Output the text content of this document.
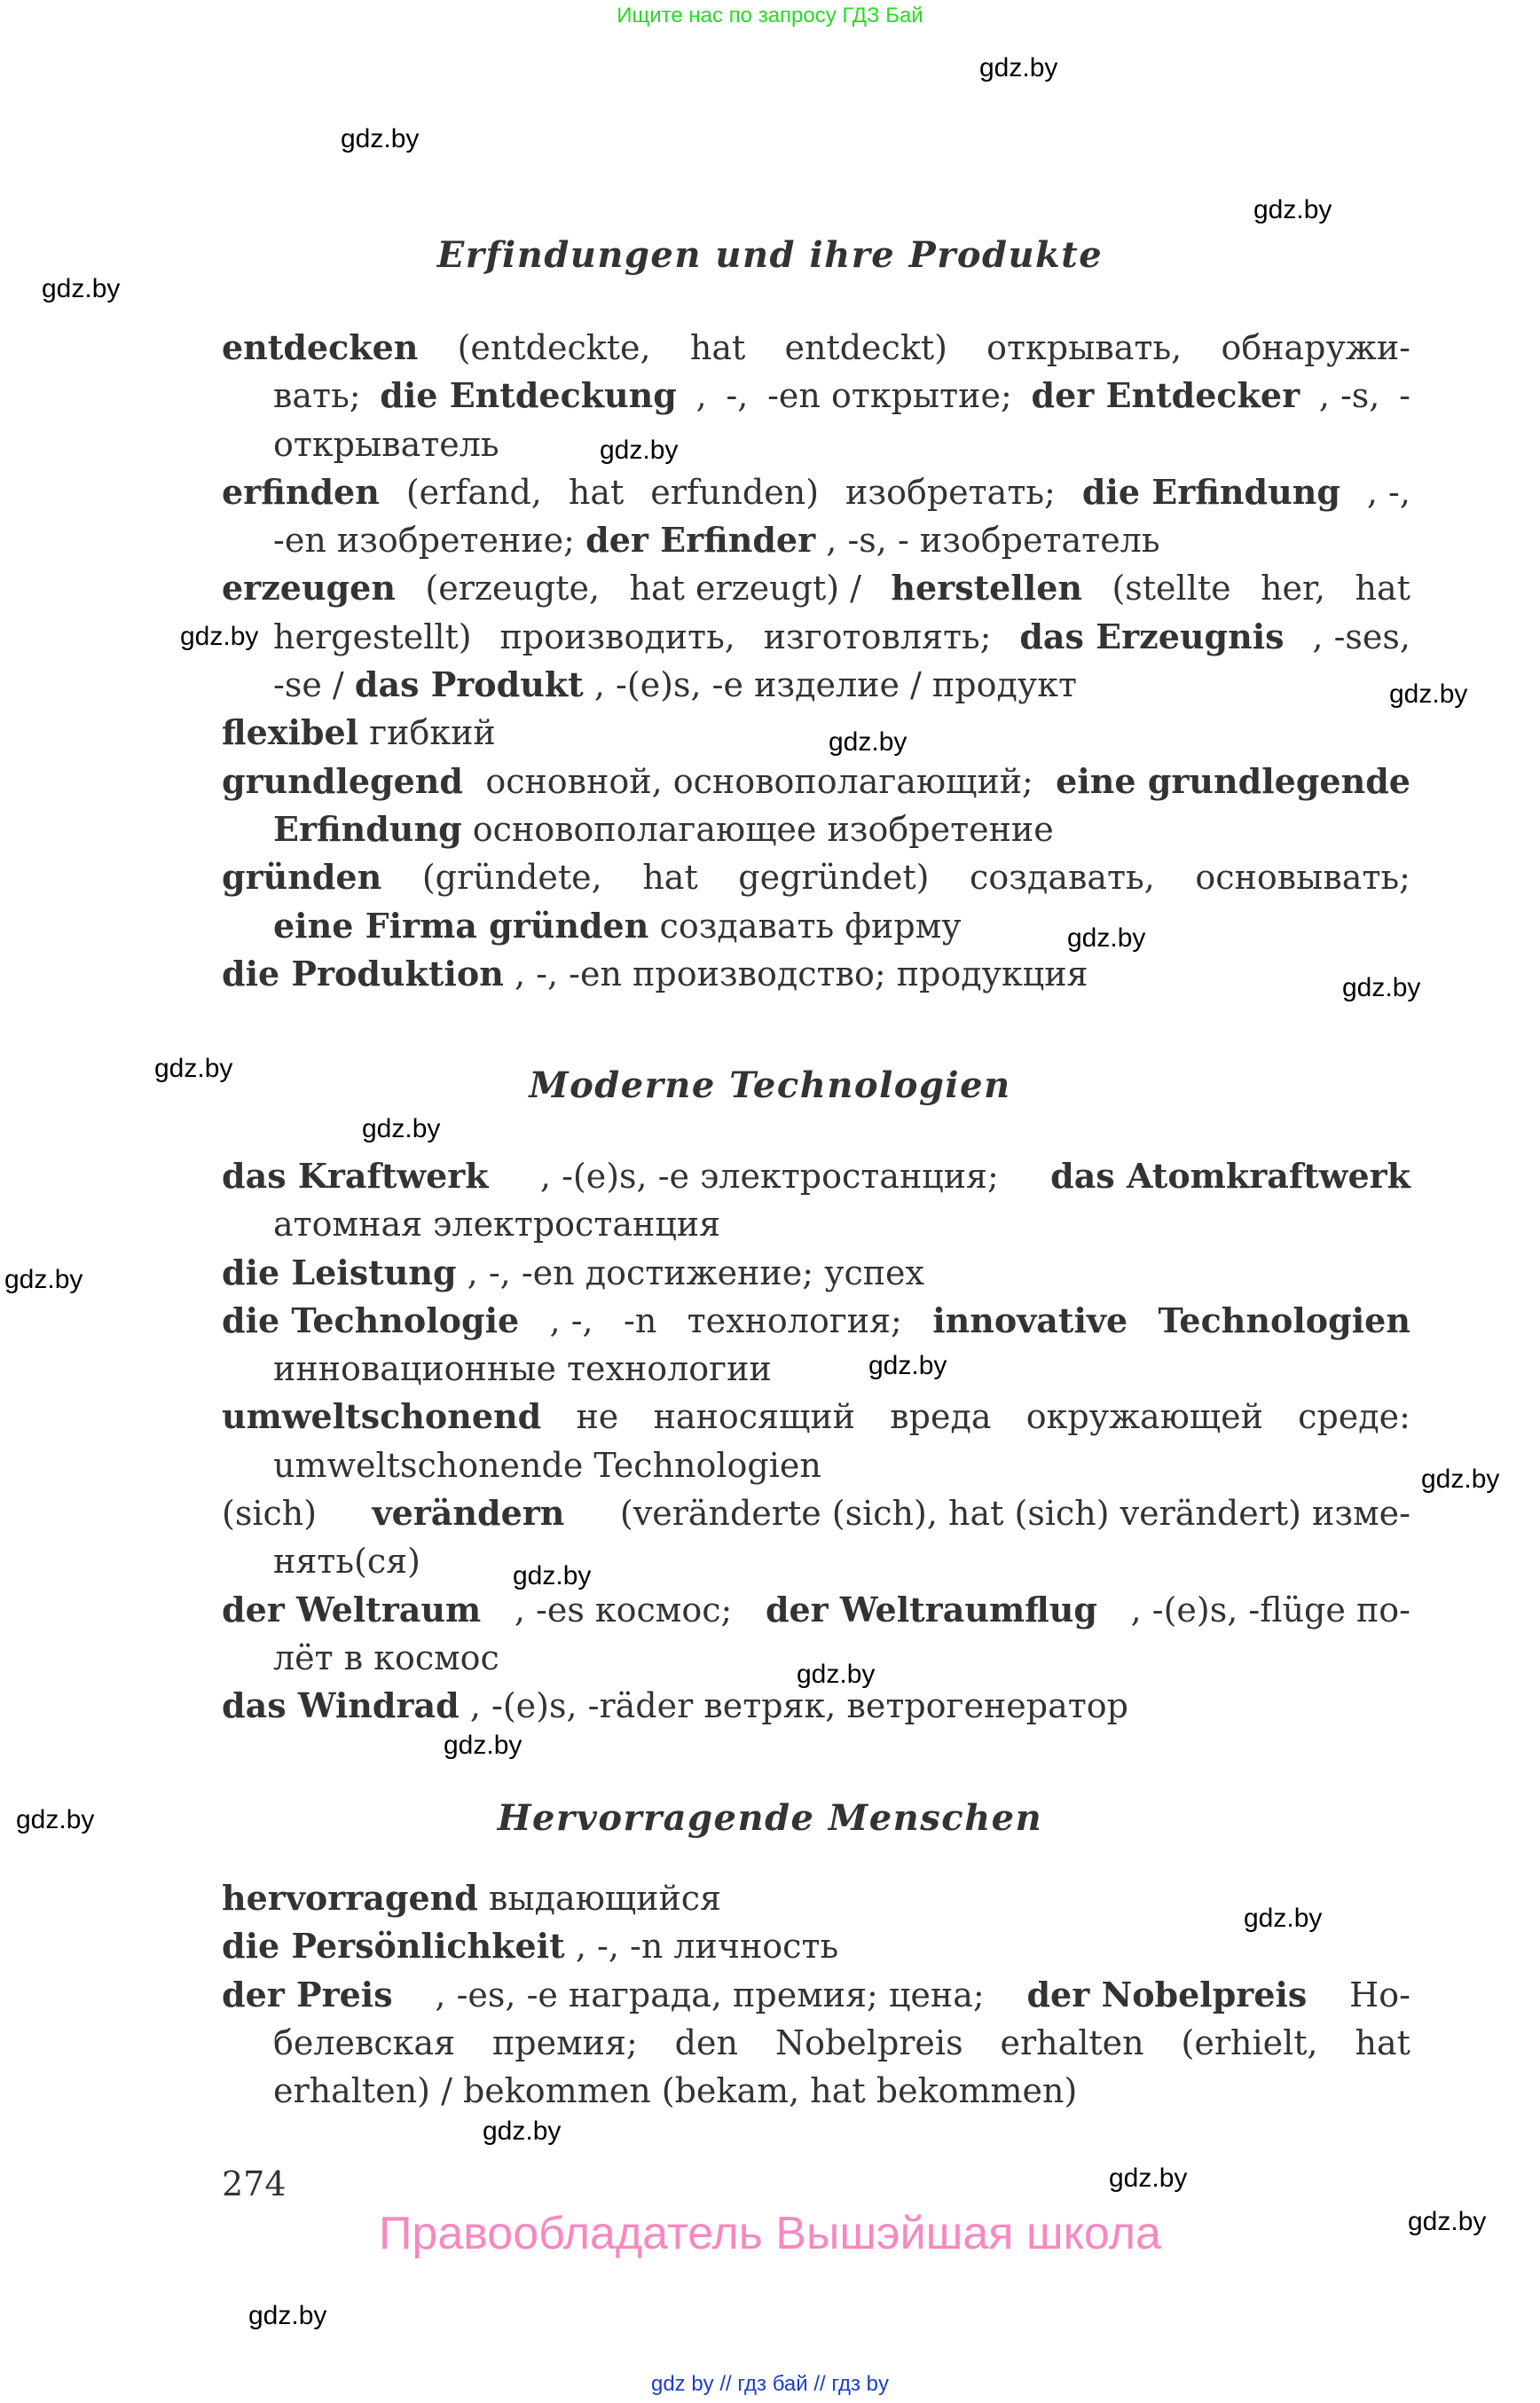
Ищите нас по запросу ГДЗ Бай
gdz.by
gdz.by
gdz.by
gdz.by
gdz.by
gdz.by
gdz.by
gdz.by
gdz.by
gdz.by
gdz.by
gdz.by
gdz.by
gdz.by
gdz.by
gdz.by
gdz.by
gdz.by
gdz.by
gdz.by
gdz.by
gdz.by
gdz.by
gdz.by
Erfindungen und ihre Produkte
entdecken (entdeckte, hat entdeckt) открывать, обнаружи-
вать; die Entdeckung , -, -en открытие; der Entdecker , -s, -
открыватель
erfinden (erfand, hat erfunden) изобретать; die Erfindung , -,
-en изобретение; der Erfinder , -s, - изобретатель
erzeugen (erzeugte, hat erzeugt) / herstellen (stellte her, hat
hergestellt) производить, изготовлять; das Erzeugnis , -ses,
-se / das Produkt , -(e)s, -e изделие / продукт
flexibel гибкий
grundlegend основной, основополагающий; eine grundlegende
Erfindung основополагающее изобретение
gründen (gründete, hat gegründet) создавать, основывать;
eine Firma gründen создавать фирму
die Produktion , -, -en производство; продукция
Moderne Technologien
das Kraftwerk , -(e)s, -e электростанция; das Atomkraftwerk
атомная электростанция
die Leistung , -, -en достижение; успех
die Technologie , -, -n технология; innovative Technologien
инновационные технологии
umweltschonend не наносящий вреда окружающей среде:
umweltschonende Technologien
(sich) verändern (veränderte (sich), hat (sich) verändert) изме-
нять(ся)
der Weltraum , -es космос; der Weltraumflug , -(e)s, -flüge по-
лёт в космос
das Windrad , -(e)s, -räder ветряк, ветрогенератор
Hervorragende Menschen
hervorragend выдающийся
die Persönlichkeit , -, -n личность
der Preis , -es, -e награда, премия; цена; der Nobelpreis Но-
белевская премия; den Nobelpreis erhalten (erhielt, hat
erhalten) / bekommen (bekam, hat bekommen)
274
Правообладатель Вышэйшая школа
gdz by // гдз бай // гдз by
